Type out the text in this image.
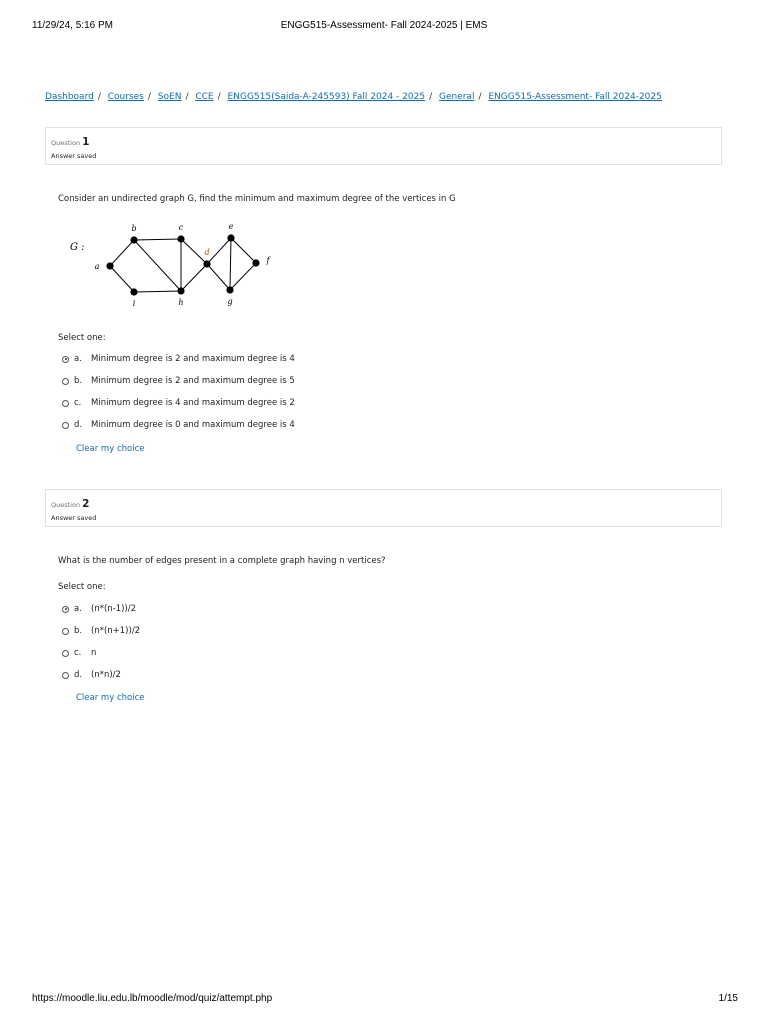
11/29/24, 5:16 PM	ENGG515-Assessment- Fall 2024-2025 | EMS
Dashboard / Courses / SoEN / CCE / ENGG515(Saida-A-245593) Fall 2024 - 2025 / General / ENGG515-Assessment- Fall 2024-2025
Question 1
Answer saved
Consider an undirected graph G, find the minimum and maximum degree of the vertices in G
G :
a
b	c
d
e
f
g
h
i
Select one:
a.	Minimum degree is 2 and maximum degree is 4
b.	Minimum degree is 2 and maximum degree is 5
c.	Minimum degree is 4 and maximum degree is 2
d.	Minimum degree is 0 and maximum degree is 4
Clear my choice
Question 2
Answer saved
What is the number of edges present in a complete graph having n vertices?
Select one:
a.	(n*(n-1))/2
b.	(n*(n+1))/2
c.	n
d.	(n*n)/2
Clear my choice
https://moodle.liu.edu.lb/moodle/mod/quiz/attempt.php	1/15
